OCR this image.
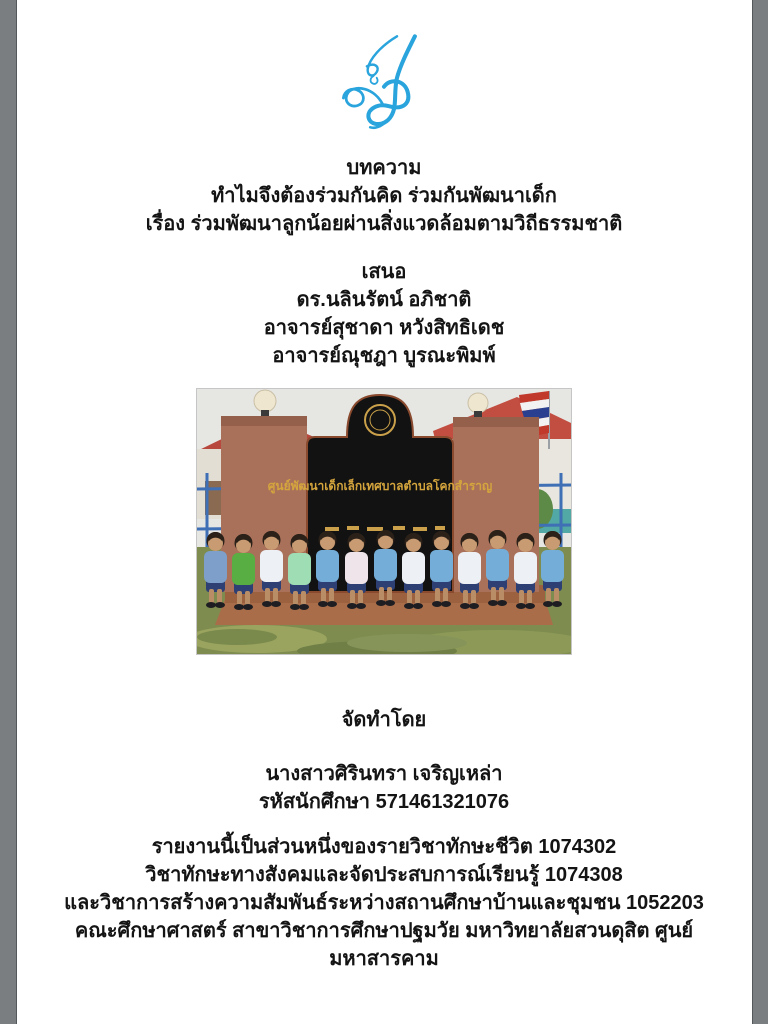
บทความ
ทำไมจึงต้องร่วมกันคิด ร่วมกันพัฒนาเด็ก
เรื่อง ร่วมพัฒนาลูกน้อยผ่านสิ่งแวดล้อมตามวิถีธรรมชาติ
เสนอ
ดร.นลินรัตน์ อภิชาติ
อาจารย์สุชาดา หวังสิทธิเดช
อาจารย์ณุชฎา บูรณะพิมพ์
ศูนย์พัฒนาเด็กเล็กเทศบาลตำบลโคกสำราญ
จัดทำโดย
นางสาวศิรินทรา เจริญเหล่า
รหัสนักศึกษา 571461321076
รายงานนี้เป็นส่วนหนึ่งของรายวิชาทักษะชีวิต 1074302
วิชาทักษะทางสังคมและจัดประสบการณ์เรียนรู้ 1074308
และวิชาการสร้างความสัมพันธ์ระหว่างสถานศึกษาบ้านและชุมชน 1052203
คณะศึกษาศาสตร์ สาขาวิชาการศึกษาปฐมวัย มหาวิทยาลัยสวนดุสิต ศูนย์
มหาสารคาม
